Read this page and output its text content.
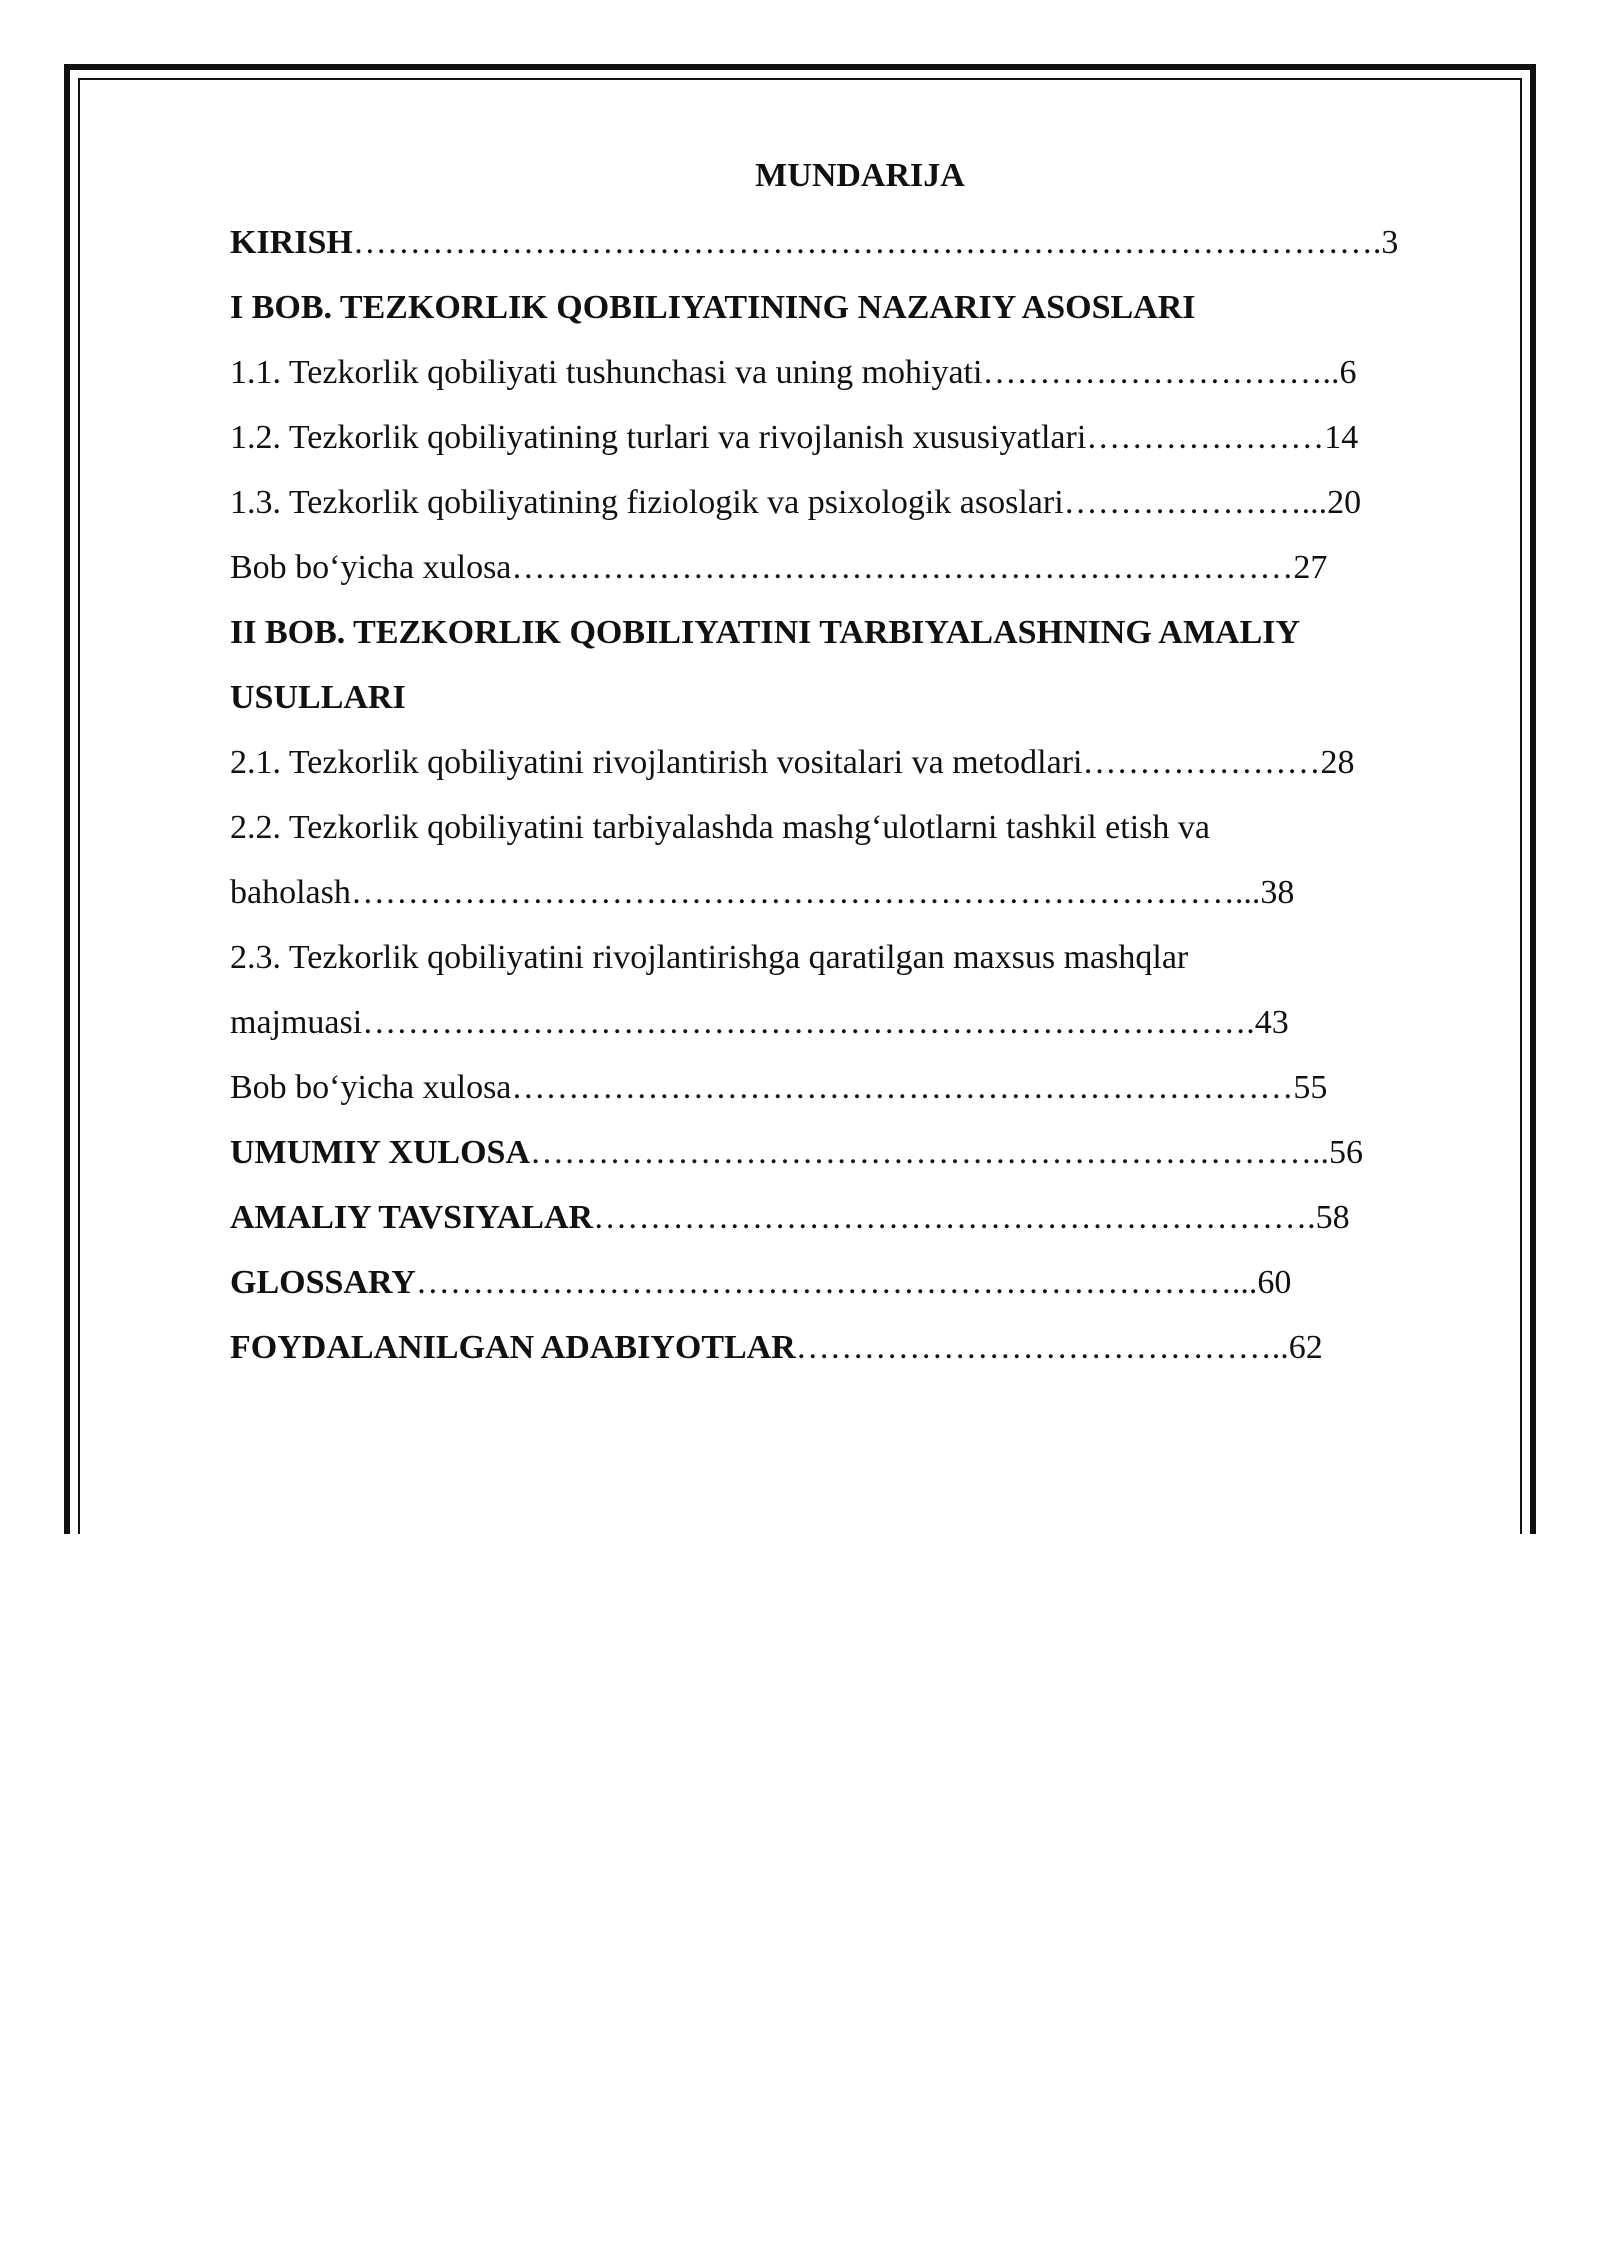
MUNDARIJA
KIRISH……………………………………………………………………………….3
I BOB. TEZKORLIK QOBILIYATINING NAZARIY ASOSLARI
1.1. Tezkorlik qobiliyati tushunchasi va uning mohiyati…………………………..6
1.2. Tezkorlik qobiliyatining turlari va rivojlanish xususiyatlari…………………14
1.3. Tezkorlik qobiliyatining fiziologik va psixologik asoslari…………………...20
Bob bo‘yicha xulosa……………………………………………………………27
II BOB. TEZKORLIK QOBILIYATINI TARBIYALASHNING AMALIY
USULLARI
2.1. Tezkorlik qobiliyatini rivojlantirish vositalari va metodlari…………………28
2.2. Tezkorlik qobiliyatini tarbiyalashda mashg‘ulotlarni tashkil etish va
baholash……………………………………………………………………...38
2.3. Tezkorlik qobiliyatini rivojlantirishga qaratilgan maxsus mashqlar
majmuasi…………………………………………………………………….43
Bob bo‘yicha xulosa……………………………………………………………55
UMUMIY XULOSA……………………………………………………………..56
AMALIY TAVSIYALAR……………………………………………………….58
GLOSSARY………………………………………………………………...60
FOYDALANILGAN ADABIYOTLAR……………………………………..62
